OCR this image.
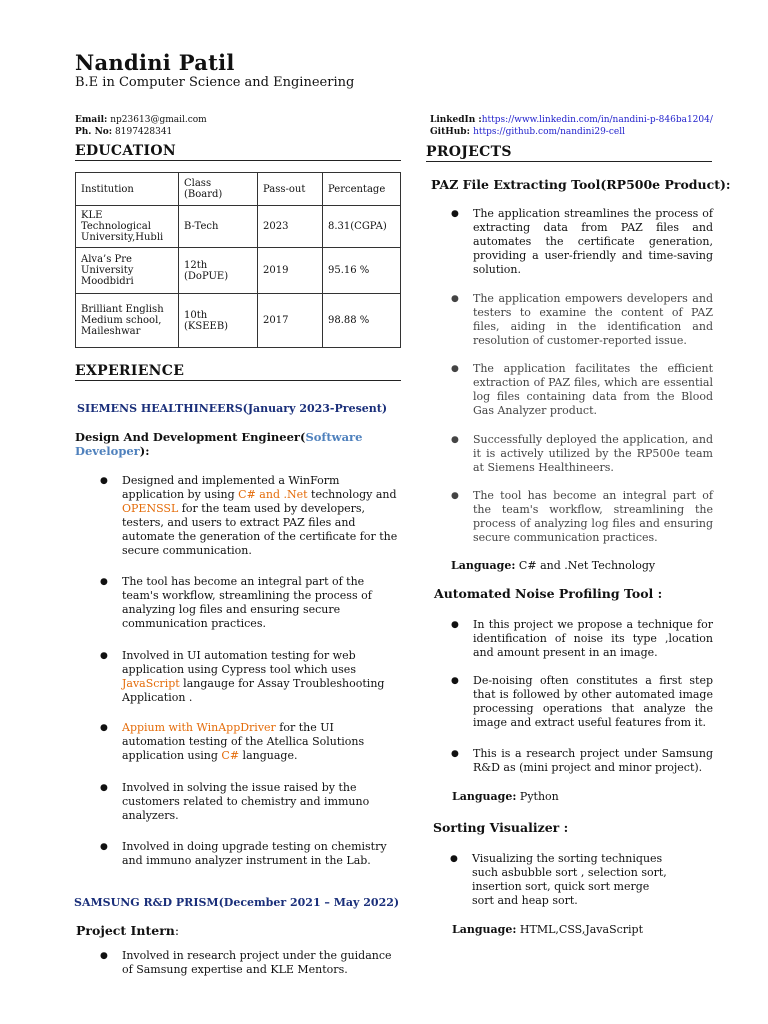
Nandini Patil
B.E in Computer Science and Engineering
Email: np23613@gmail.com
Ph. No: 8197428341
LinkedIn :https://www.linkedin.com/in/nandini-p-846ba1204/
GitHub: https://github.com/nandini29-cell
EDUCATION
Institution	Class (Board)	Pass-out	Percentage
KLE Technological University,Hubli	B-Tech	2023	8.31(CGPA)
Alva’s Pre University Moodbidri	12th (DoPUE)	2019	95.16 %
Brilliant English Medium school, Maileshwar	10th (KSEEB)	2017	98.88 %
EXPERIENCE
SIEMENS HEALTHINEERS(January 2023-Present)
Design And Development Engineer(Software Developer):
● Designed and implemented a WinForm application by using C# and .Net technology and OPENSSL for the team used by developers, testers, and users to extract PAZ files and automate the generation of the certificate for the secure communication.
● The tool has become an integral part of the team's workflow, streamlining the process of analyzing log files and ensuring secure communication practices.
● Involved in UI automation testing for web application using Cypress tool which uses JavaScript langauge for Assay Troubleshooting Application .
● Appium with WinAppDriver for the UI automation testing of the Atellica Solutions application using C# language.
● Involved in solving the issue raised by the customers related to chemistry and immuno analyzers.
● Involved in doing upgrade testing on chemistry and immuno analyzer instrument in the Lab.
SAMSUNG R&D PRISM(December 2021 – May 2022)
Project Intern:
● Involved in research project under the guidance of Samsung expertise and KLE Mentors.
PROJECTS
PAZ File Extracting Tool(RP500e Product):
● The application streamlines the process of extracting data from PAZ files and automates the certificate generation, providing a user-friendly and time-saving solution.
● The application empowers developers and testers to examine the content of PAZ files, aiding in the identification and resolution of customer-reported issue.
● The application facilitates the efficient extraction of PAZ files, which are essential log files containing data from the Blood Gas Analyzer product.
● Successfully deployed the application, and it is actively utilized by the RP500e team at Siemens Healthineers.
● The tool has become an integral part of the team's workflow, streamlining the process of analyzing log files and ensuring secure communication practices.
Language: C# and .Net Technology
Automated Noise Profiling Tool :
● In this project we propose a technique for identification of noise its type ,location and amount present in an image.
● De-noising often constitutes a first step that is followed by other automated image processing operations that analyze the image and extract useful features from it.
● This is a research project under Samsung R&D as (mini project and minor project).
Language: Python
Sorting Visualizer :
● Visualizing the sorting techniques such asbubble sort , selection sort, insertion sort, quick sort merge sort and heap sort.
Language: HTML,CSS,JavaScript
